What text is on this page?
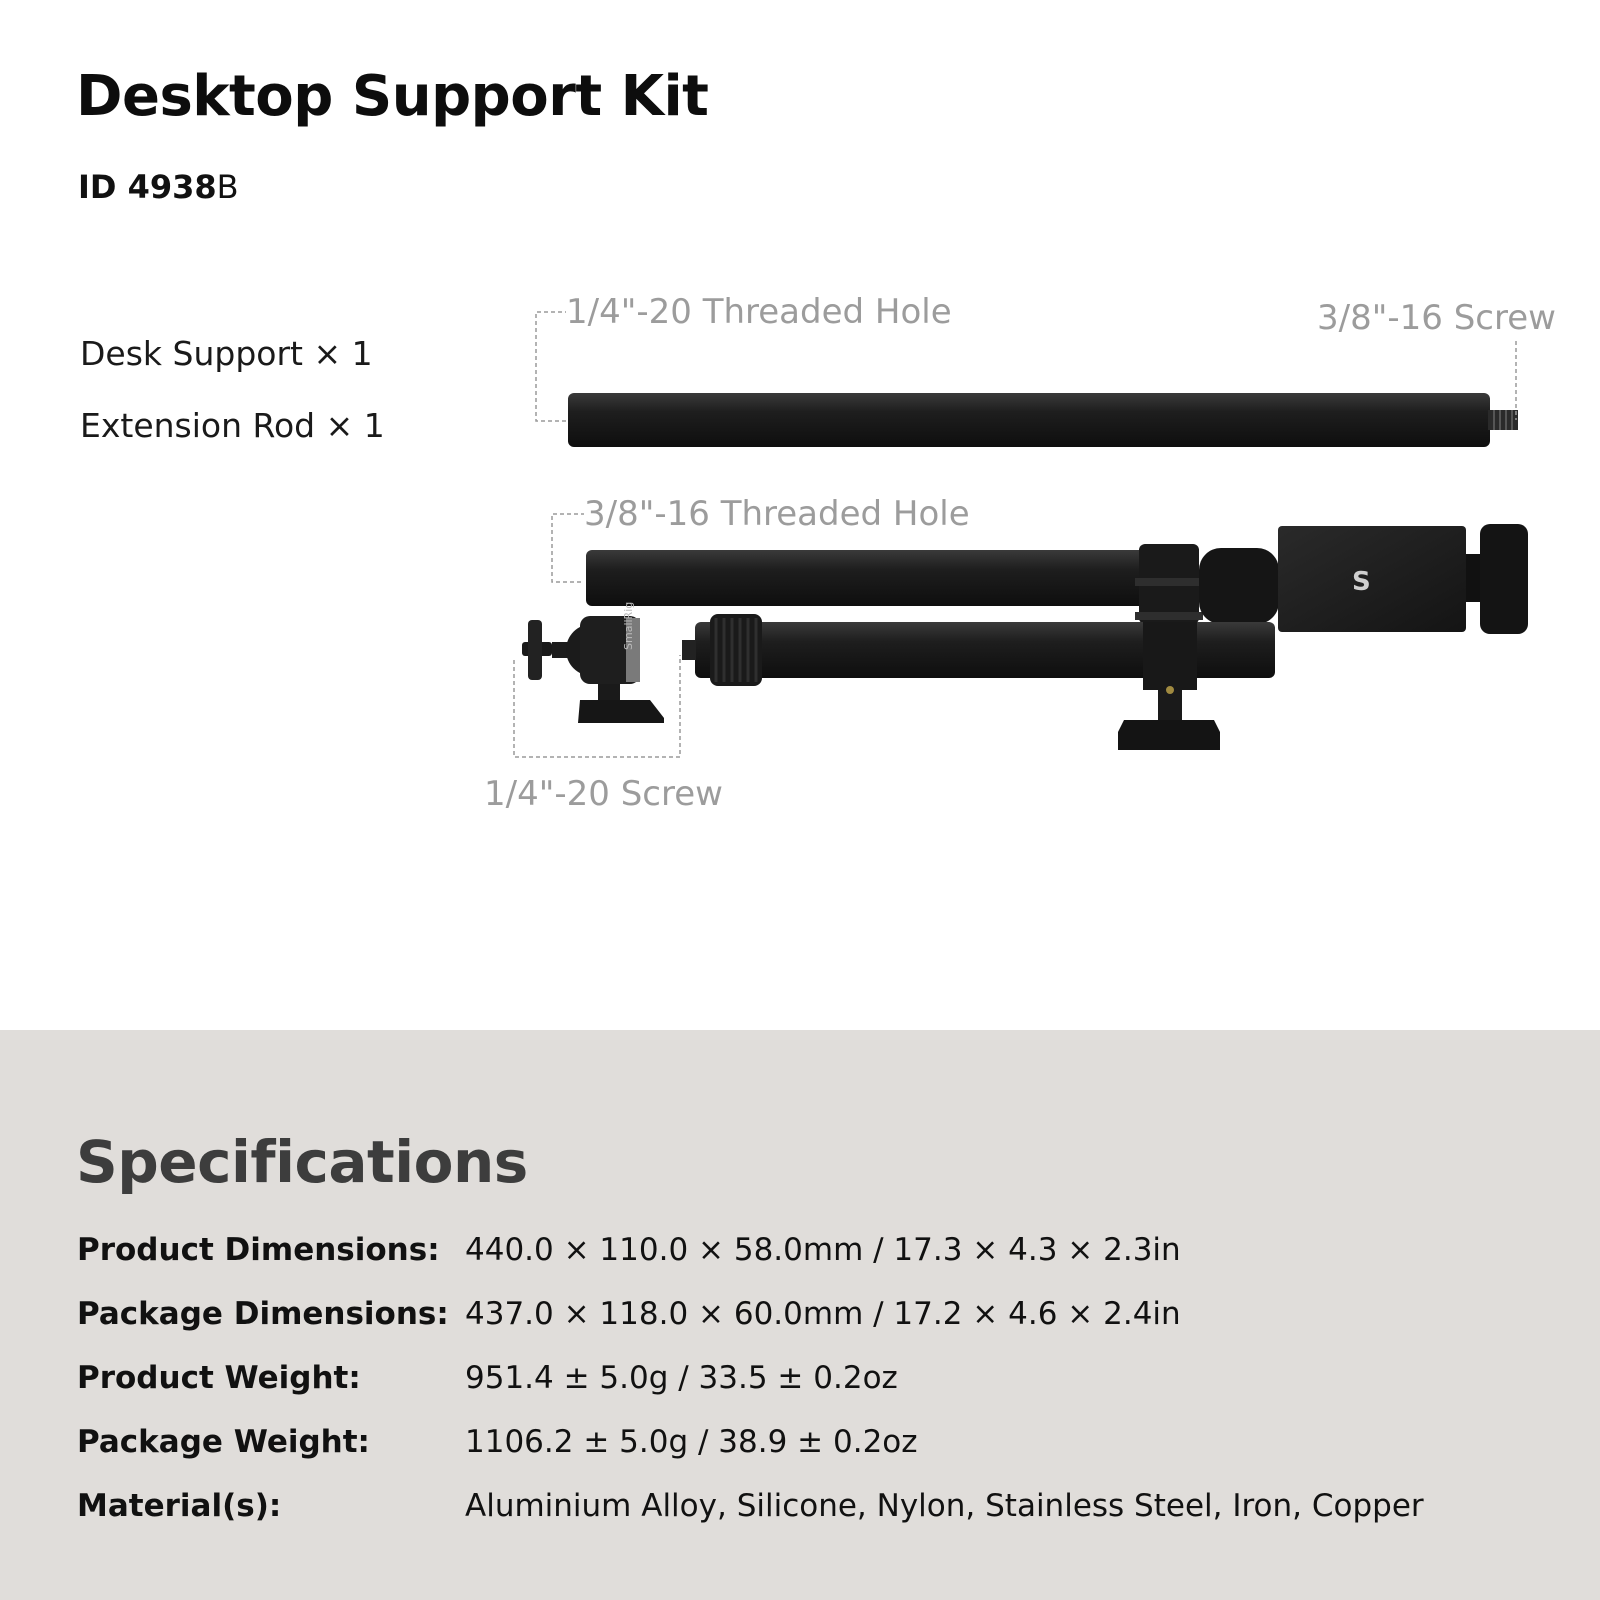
Desktop Support Kit
ID 4938B
Desk Support × 1
Extension Rod × 1
S
SmallRig
1/4"-20 Threaded Hole	3/8"-16 Screw
3/8"-16 Threaded Hole
1/4"-20 Screw
Specifications
Product Dimensions: 440.0 × 110.0 × 58.0mm / 17.3 × 4.3 × 2.3in
Package Dimensions: 437.0 × 118.0 × 60.0mm / 17.2 × 4.6 × 2.4in
Product Weight:	951.4 ± 5.0g / 33.5 ± 0.2oz
Package Weight:	1106.2 ± 5.0g / 38.9 ± 0.2oz
Material(s):	Aluminium Alloy, Silicone, Nylon, Stainless Steel, Iron, Copper
